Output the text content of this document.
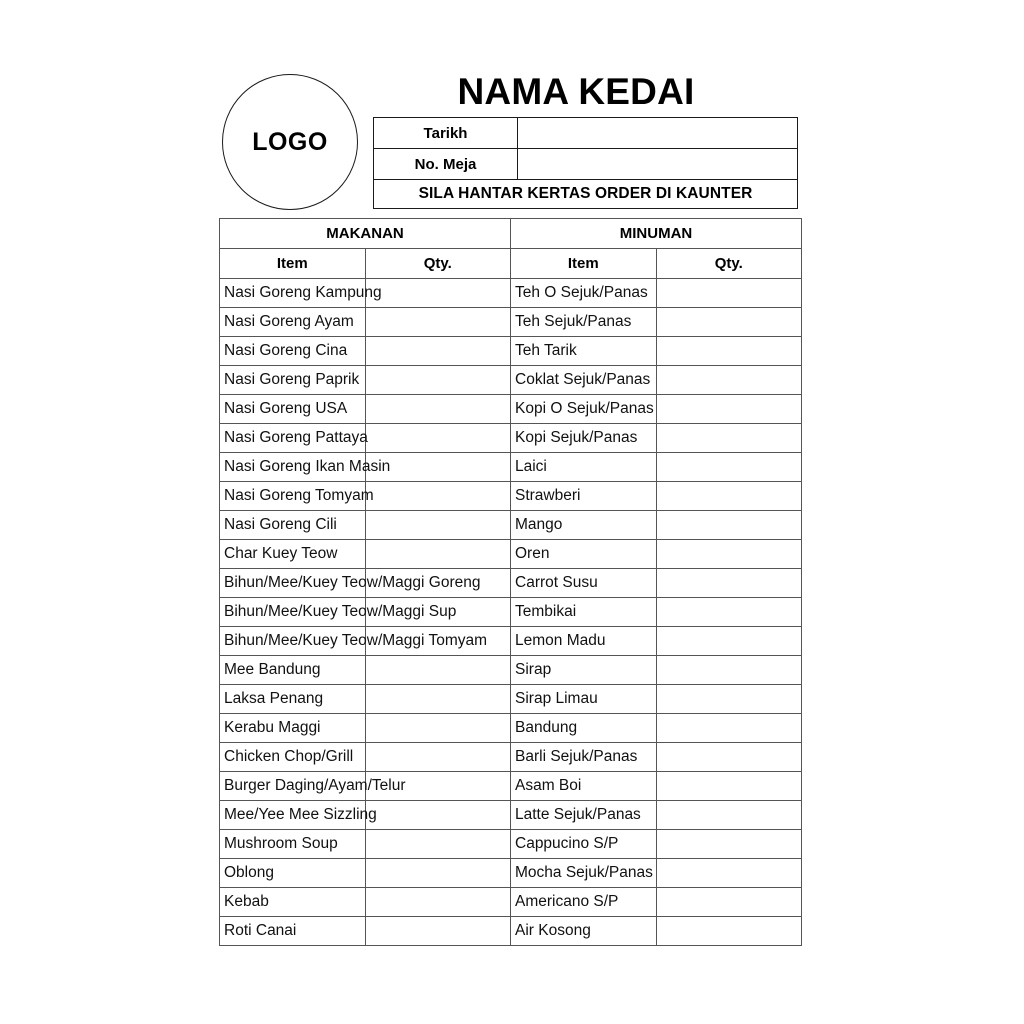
LOGO
NAMA KEDAI
Tarikh	
No. Meja	
SILA HANTAR KERTAS ORDER DI KAUNTER	
MAKANAN		MINUMAN	
Item	Qty.	Item	Qty.
Nasi Goreng Kampung		Teh O Sejuk/Panas	
Nasi Goreng Ayam		Teh Sejuk/Panas	
Nasi Goreng Cina		Teh Tarik	
Nasi Goreng Paprik		Coklat Sejuk/Panas	
Nasi Goreng USA		Kopi O Sejuk/Panas	
Nasi Goreng Pattaya		Kopi Sejuk/Panas	
Nasi Goreng Ikan Masin		Laici	
Nasi Goreng Tomyam		Strawberi	
Nasi Goreng Cili		Mango	
Char Kuey Teow		Oren	
Bihun/Mee/Kuey Teow/Maggi Goreng		Carrot Susu	
Bihun/Mee/Kuey Teow/Maggi Sup		Tembikai	
Bihun/Mee/Kuey Teow/Maggi Tomyam		Lemon Madu	
Mee Bandung		Sirap	
Laksa Penang		Sirap Limau	
Kerabu Maggi		Bandung	
Chicken Chop/Grill		Barli Sejuk/Panas	
Burger Daging/Ayam/Telur		Asam Boi	
Mee/Yee Mee Sizzling		Latte Sejuk/Panas	
Mushroom Soup		Cappucino S/P	
Oblong		Mocha Sejuk/Panas	
Kebab		Americano S/P	
Roti Canai		Air Kosong	
